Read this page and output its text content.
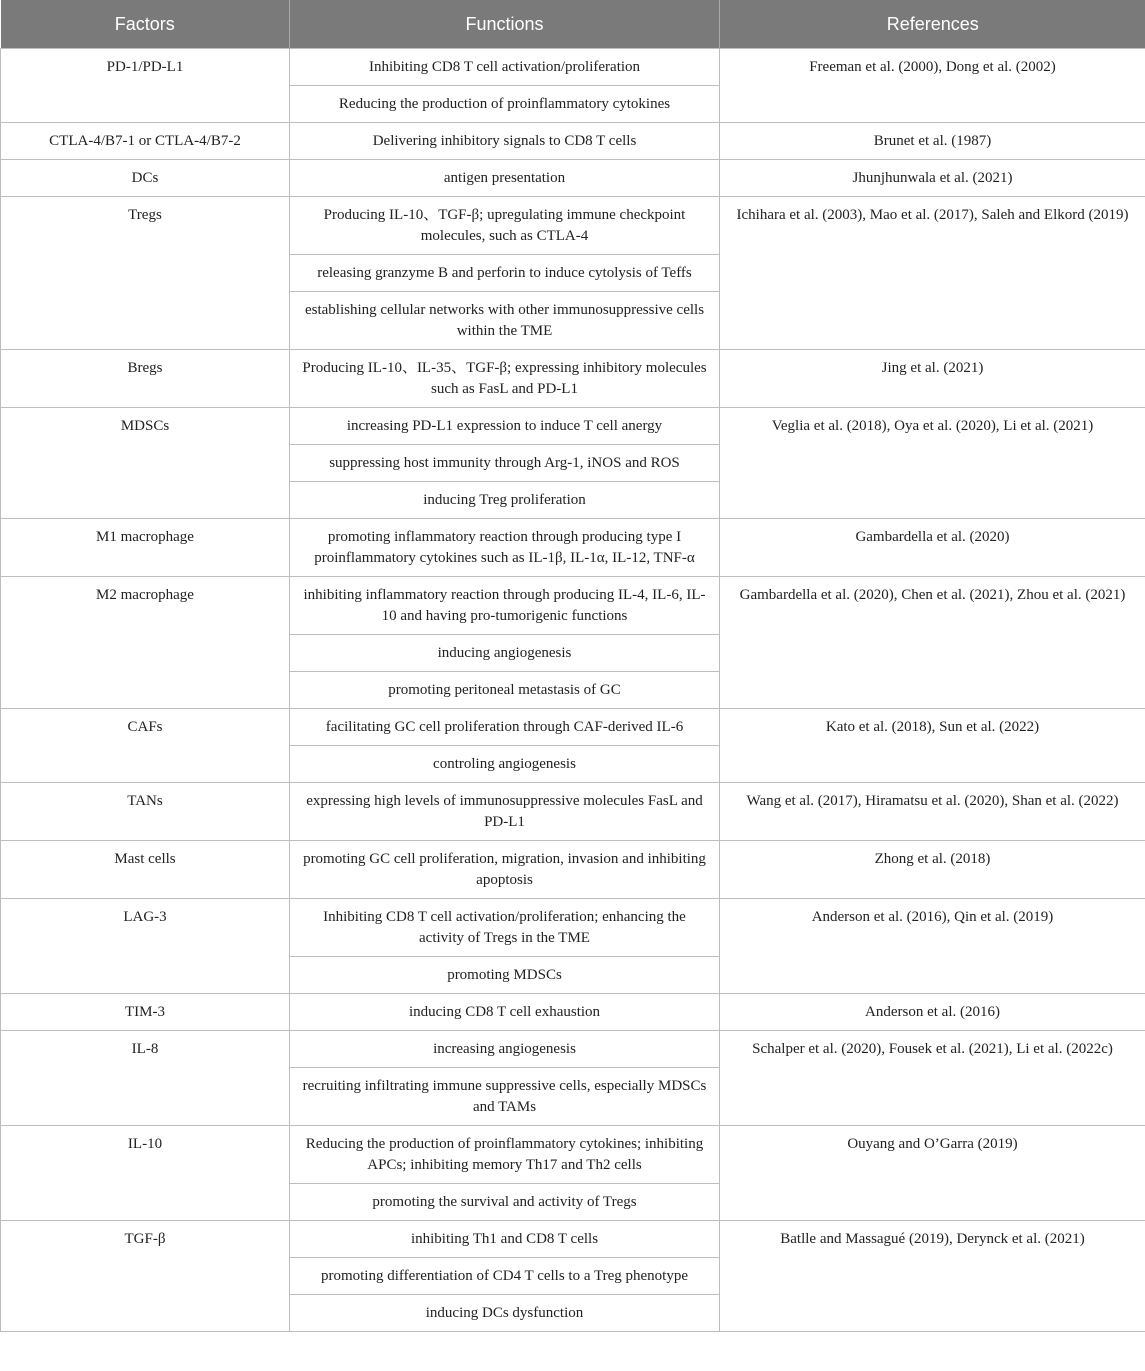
Factors	Functions	References
PD-1/PD-L1	Inhibiting CD8 T cell activation/proliferation	Freeman et al. (2000), Dong et al. (2002)
	Reducing the production of proinflammatory cytokines	
CTLA-4/B7-1 or CTLA-4/B7-2	Delivering inhibitory signals to CD8 T cells	Brunet et al. (1987)
DCs	antigen presentation	Jhunjhunwala et al. (2021)
Tregs	Producing IL-10、TGF-β; upregulating immune checkpoint molecules, such as CTLA-4	Ichihara et al. (2003), Mao et al. (2017), Saleh and Elkord (2019)
	releasing granzyme B and perforin to induce cytolysis of Teffs	
	establishing cellular networks with other immunosuppressive cells within the TME	
Bregs	Producing IL-10、IL-35、TGF-β; expressing inhibitory molecules such as FasL and PD-L1	Jing et al. (2021)
MDSCs	increasing PD-L1 expression to induce T cell anergy	Veglia et al. (2018), Oya et al. (2020), Li et al. (2021)
	suppressing host immunity through Arg-1, iNOS and ROS	
	inducing Treg proliferation	
M1 macrophage	promoting inflammatory reaction through producing type I proinflammatory cytokines such as IL-1β, IL-1α, IL-12, TNF-α	Gambardella et al. (2020)
M2 macrophage	inhibiting inflammatory reaction through producing IL-4, IL-6, IL-10 and having pro-tumorigenic functions	Gambardella et al. (2020), Chen et al. (2021), Zhou et al. (2021)
	inducing angiogenesis	
	promoting peritoneal metastasis of GC	
CAFs	facilitating GC cell proliferation through CAF-derived IL-6	Kato et al. (2018), Sun et al. (2022)
	controling angiogenesis	
TANs	expressing high levels of immunosuppressive molecules FasL and PD-L1	Wang et al. (2017), Hiramatsu et al. (2020), Shan et al. (2022)
Mast cells	promoting GC cell proliferation, migration, invasion and inhibiting apoptosis	Zhong et al. (2018)
LAG-3	Inhibiting CD8 T cell activation/proliferation; enhancing the activity of Tregs in the TME	Anderson et al. (2016), Qin et al. (2019)
	promoting MDSCs	
TIM-3	inducing CD8 T cell exhaustion	Anderson et al. (2016)
IL-8	increasing angiogenesis	Schalper et al. (2020), Fousek et al. (2021), Li et al. (2022c)
	recruiting infiltrating immune suppressive cells, especially MDSCs and TAMs	
IL-10	Reducing the production of proinflammatory cytokines; inhibiting APCs; inhibiting memory Th17 and Th2 cells	Ouyang and O’Garra (2019)
	promoting the survival and activity of Tregs	
TGF-β	inhibiting Th1 and CD8 T cells	Batlle and Massagué (2019), Derynck et al. (2021)
	promoting differentiation of CD4 T cells to a Treg phenotype	
	inducing DCs dysfunction	
